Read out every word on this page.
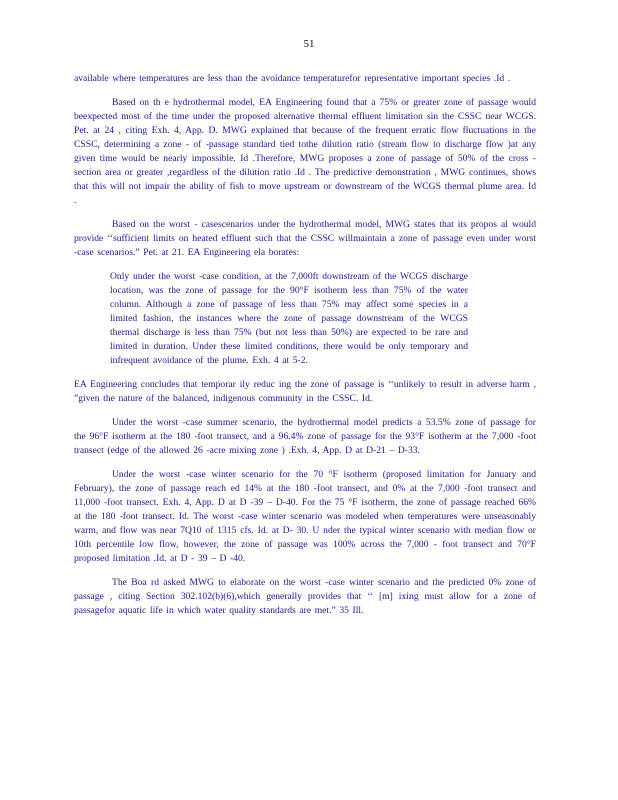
51

available where temperatures are less than the avoidance temperaturefor representative important species .Id .

Based on th e hydrothermal model, EA Engineering found that a 75% or greater zone of passage would beexpected most of the time under the proposed alternative thermal effluent limitation sin the CSSC near WCGS. Pet. at 24 , citing Exh. 4, App. D. MWG explained that because of the frequent erratic flow fluctuations in the CSSC, determining a zone - of -passage standard tied tothe dilution ratio (stream flow to discharge flow )at any given time would be nearly impossible. Id .Therefore, MWG proposes a zone of passage of 50% of the cross - section area or greater ,regardless of the dilution ratio .Id . The predictive demonstration , MWG continues, shows that this will not impair the ability of fish to move upstream or downstream of the WCGS thermal plume area. Id .

Based on the worst - casescenarios under the hydrothermal model, MWG states that its propos al would provide ‘‘sufficient limits on heated effluent such that the CSSC willmaintain a zone of passage even under worst -case scenarios.” Pet. at 21. EA Engineering ela borates:

Only under the worst -case condition, at the 7,000ft downstream of the WCGS discharge location, was the zone of passage for the 90°F isotherm less than 75% of the water column. Although a zone of passage of less than 75% may affect some species in a limited fashion, the instances where the zone of passage downstream of the WCGS thermal discharge is less than 75% (but not less than 50%) are expected to be rare and limited in duration. Under these limited conditions, there would be only temporary and infrequent avoidance of the plume. Exh. 4 at 5-2.

EA Engineering concludes that temporar ily reduc ing the zone of passage is ‘‘unlikely to result in adverse harm , ”given the nature of the balanced, indigenous community in the CSSC. Id.

Under the worst -case summer scenario, the hydrothermal model predicts a 53.5% zone of passage for the 96°F isotherm at the 180 -foot transect, and a 96.4% zone of passage for the 93°F isotherm at the 7,000 -foot transect (edge of the allowed 26 -acre mixing zone ) .Exh. 4, App. D at D-21 – D-33.

Under the worst -case winter scenario for the 70 °F isotherm (proposed limitation for January and February), the zone of passage reach ed 14% at the 180 -foot transect, and 0% at the 7,000 -foot transect and 11,000 -foot transect. Exh. 4, App. D at D -39 – D-40. For the 75 °F isotherm, the zone of passage reached 66% at the 180 -foot transect. Id. The worst -case winter scenario was modeled when temperatures were unseasonably warm, and flow was near 7Q10 of 1315 cfs. Id. at D- 30. U nder the typical winter scenario with median flow or 10th percentile low flow, however, the zone of passage was 100% across the 7,000 - foot transect and 70°F proposed limitation .Id. at D - 39 – D -40.

The Boa rd asked MWG to elaborate on the worst -case winter scenario and the predicted 0% zone of passage , citing Section 302.102(b)(6),which generally provides that ‘‘ [m] ixing must allow for a zone of passagefor aquatic life in which water quality standards are met.” 35 Ill.
